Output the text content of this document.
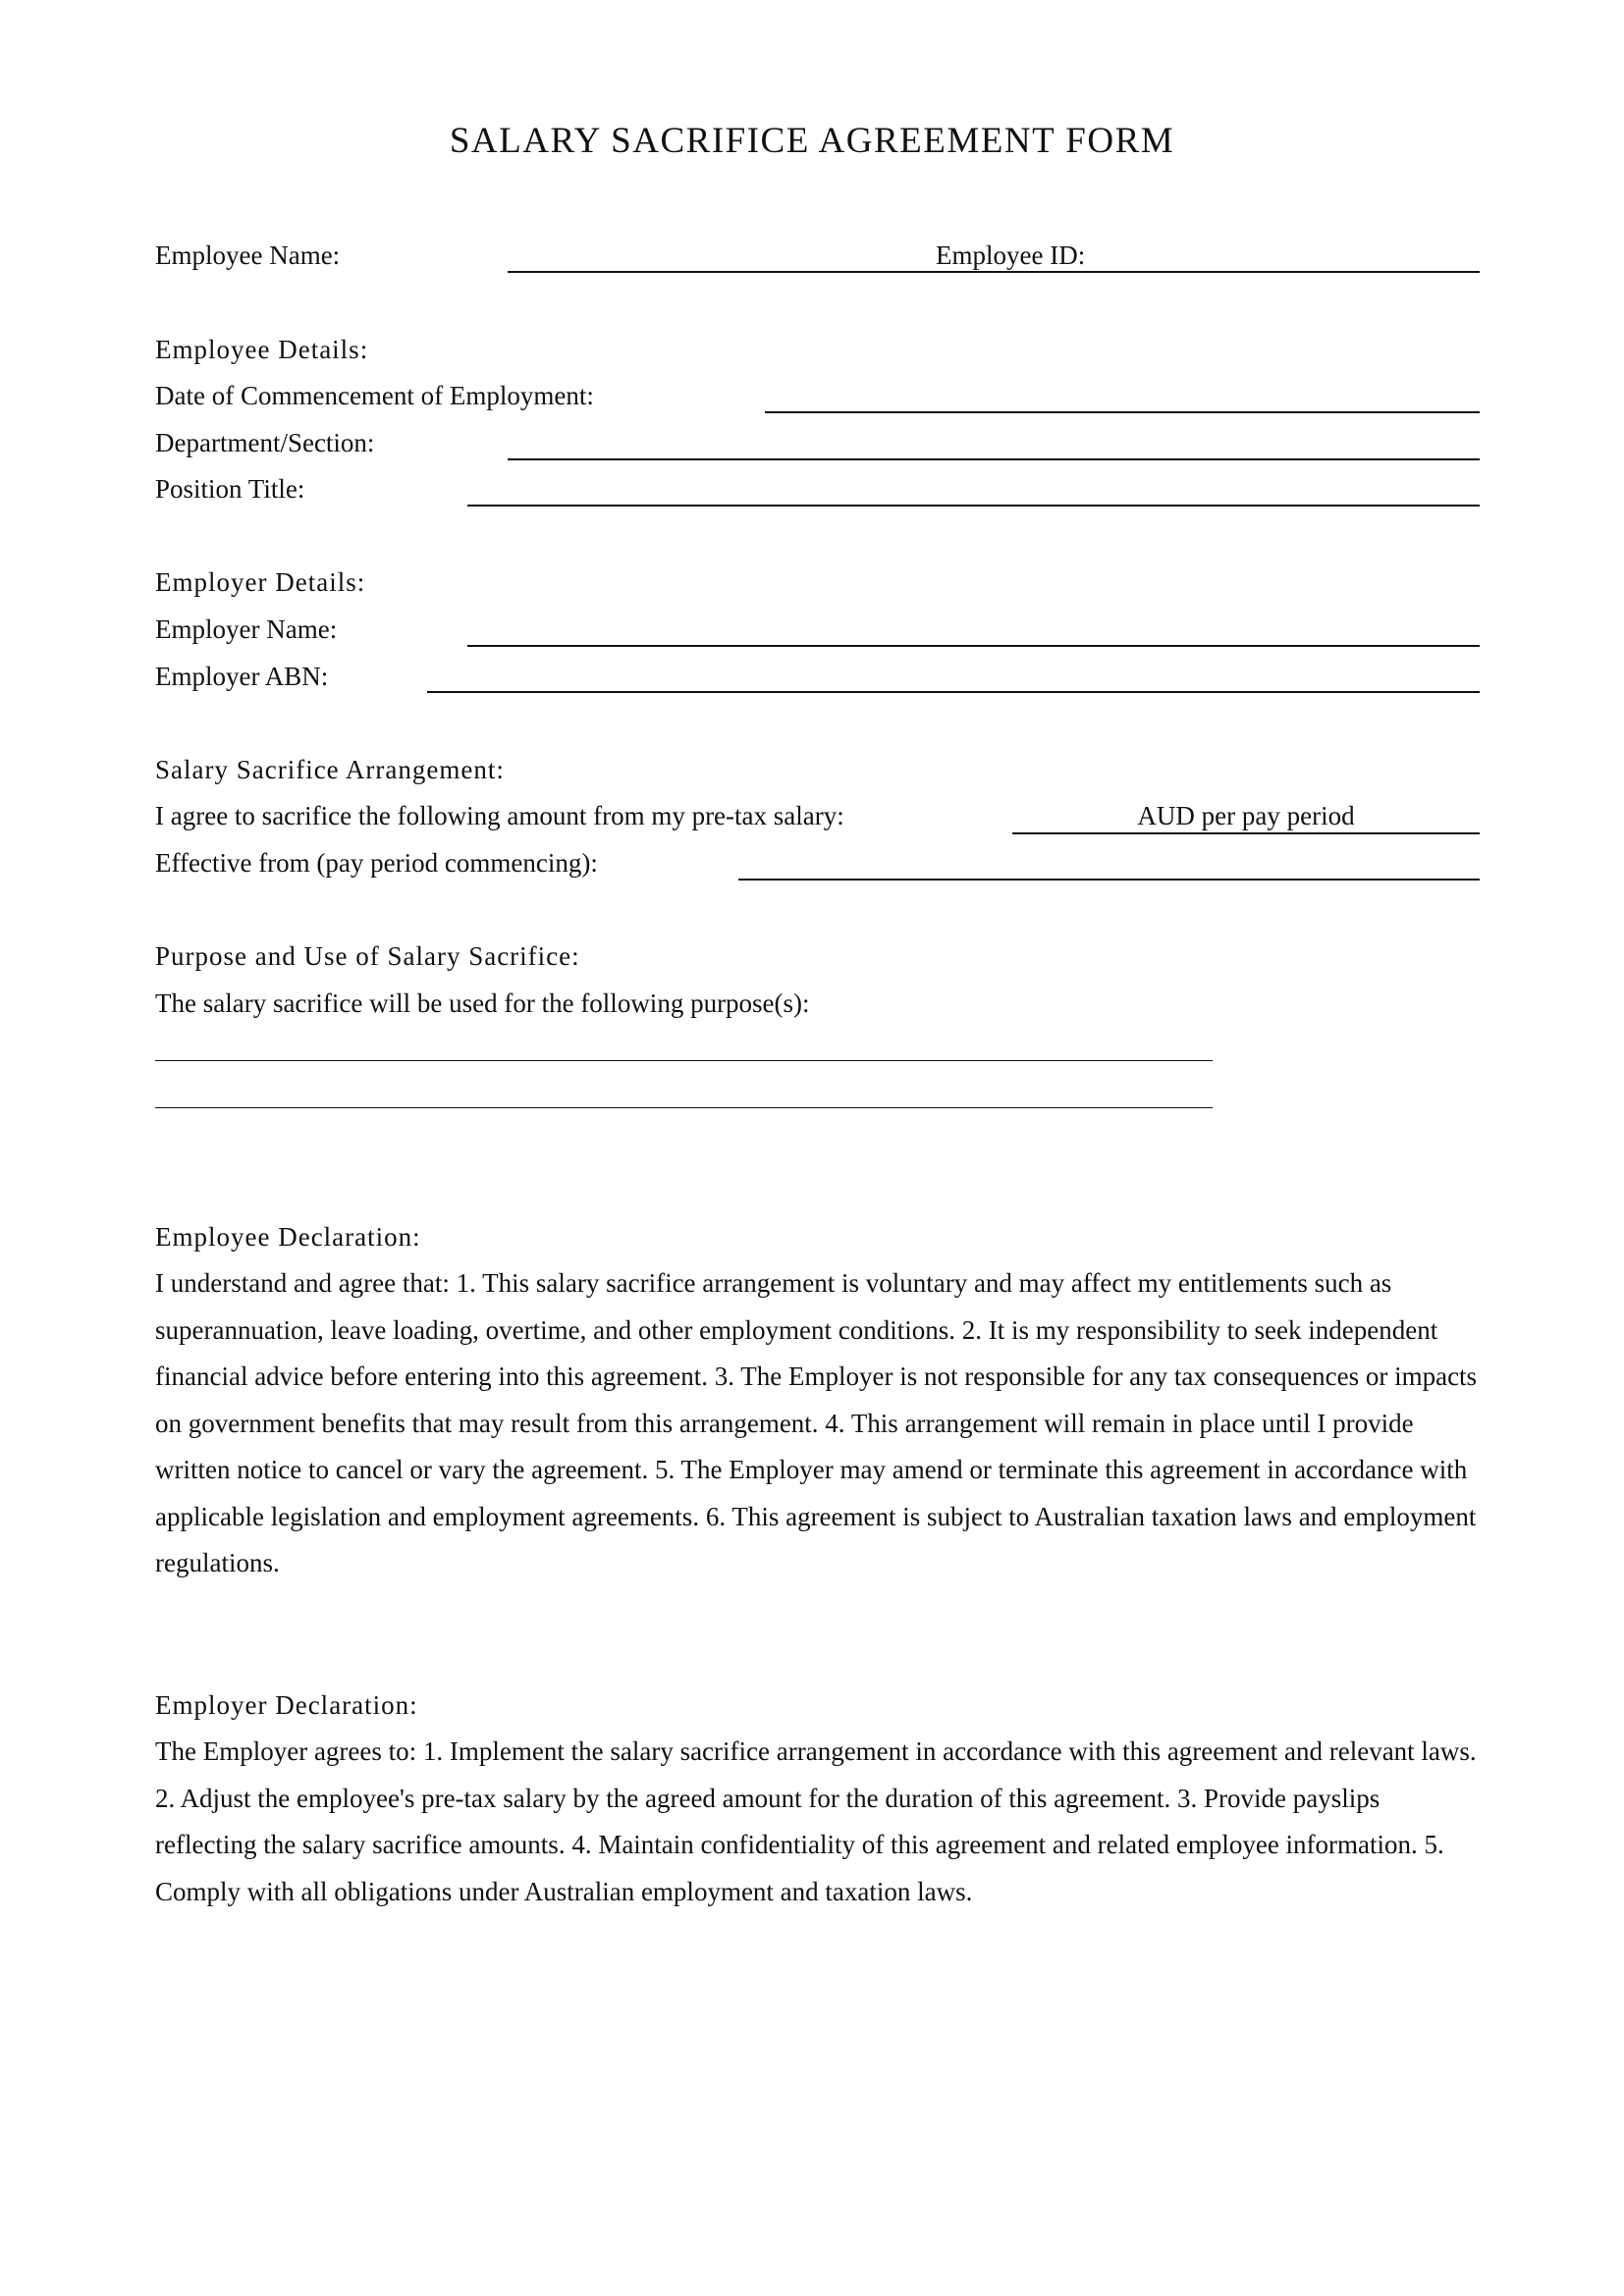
SALARY SACRIFICE AGREEMENT FORM
Employee Name:	Employee ID:
Employee Details:
Date of Commencement of Employment:
Department/Section:
Position Title:
Employer Details:
Employer Name:
Employer ABN:
Salary Sacrifice Arrangement:
I agree to sacrifice the following amount from my pre-tax salary:	AUD per pay period
Effective from (pay period commencing):
Purpose and Use of Salary Sacrifice:
The salary sacrifice will be used for the following purpose(s):
Employee Declaration:
I understand and agree that: 1. This salary sacrifice arrangement is voluntary and may affect my entitlements such as superannuation, leave loading, overtime, and other employment conditions. 2. It is my responsibility to seek independent financial advice before entering into this agreement. 3. The Employer is not responsible for any tax consequences or impacts on government benefits that may result from this arrangement. 4. This arrangement will remain in place until I provide written notice to cancel or vary the agreement. 5. The Employer may amend or terminate this agreement in accordance with applicable legislation and employment agreements. 6. This agreement is subject to Australian taxation laws and employment regulations.
Employer Declaration:
The Employer agrees to: 1. Implement the salary sacrifice arrangement in accordance with this agreement and relevant laws. 2. Adjust the employee's pre-tax salary by the agreed amount for the duration of this agreement. 3. Provide payslips reflecting the salary sacrifice amounts. 4. Maintain confidentiality of this agreement and related employee information. 5. Comply with all obligations under Australian employment and taxation laws.
